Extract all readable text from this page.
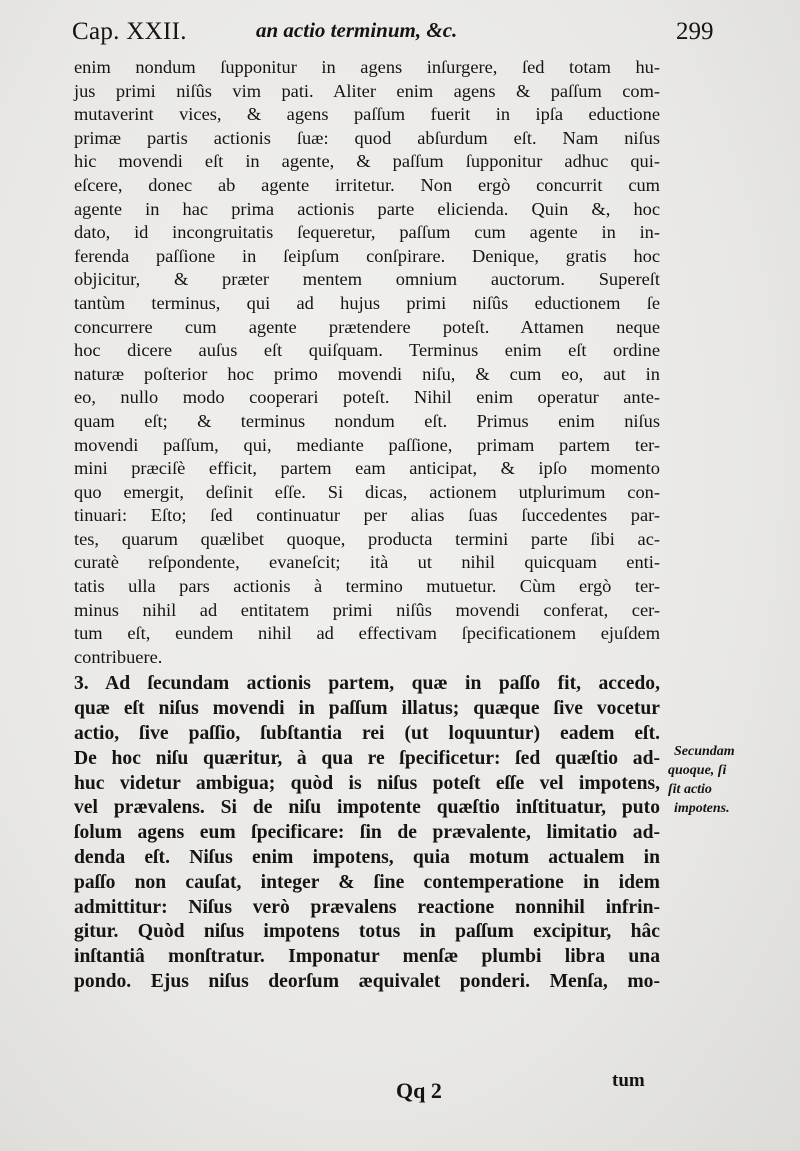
Cap. XXII.	an actio terminum, &c.	299
enim nondum ſupponitur in agens inſurgere, ſed totam hu-
jus primi niſûs vim pati. Aliter enim agens & paſſum com-
mutaverint vices, & agens paſſum fuerit in ipſa eductione
primæ partis actionis ſuæ: quod abſurdum eſt. Nam niſus
hic movendi eſt in agente, & paſſum ſupponitur adhuc qui-
eſcere, donec ab agente irritetur. Non ergò concurrit cum
agente in hac prima actionis parte elicienda. Quin &, hoc
dato, id incongruitatis ſequeretur, paſſum cum agente in in-
ferenda paſſione in ſeipſum conſpirare. Denique, gratis hoc
objicitur, & præter mentem omnium auctorum. Supereſt
tantùm terminus, qui ad hujus primi niſûs eductionem ſe
concurrere cum agente prætendere poteſt. Attamen neque
hoc dicere auſus eſt quiſquam. Terminus enim eſt ordine
naturæ poſterior hoc primo movendi niſu, & cum eo, aut in
eo, nullo modo cooperari poteſt. Nihil enim operatur ante-
quam eſt; & terminus nondum eſt. Primus enim niſus
movendi paſſum, qui, mediante paſſione, primam partem ter-
mini præciſè efficit, partem eam anticipat, & ipſo momento
quo emergit, deſinit eſſe. Si dicas, actionem utplurimum con-
tinuari: Eſto; ſed continuatur per alias ſuas ſuccedentes par-
tes, quarum quælibet quoque, producta termini parte ſibi ac-
curatè reſpondente, evaneſcit; ità ut nihil quicquam enti-
tatis ulla pars actionis à termino mutuetur. Cùm ergò ter-
minus nihil ad entitatem primi niſûs movendi conferat, cer-
tum eſt, eundem nihil ad effectivam ſpecificationem ejuſdem
contribuere.
3. Ad ſecundam actionis partem, quæ in paſſo fit, accedo,
quæ eſt niſus movendi in paſſum illatus; quæque ſive vocetur
actio, ſive paſſio, ſubſtantia rei (ut loquuntur) eadem eſt.
De hoc niſu quæritur, à qua re ſpecificetur: ſed quæſtio ad-
huc videtur ambigua; quòd is niſus poteſt eſſe vel impotens,
vel prævalens. Si de niſu impotente quæſtio inſtituatur, puto
ſolum agens eum ſpecificare: ſin de prævalente, limitatio ad-
denda eſt. Niſus enim impotens, quia motum actualem in
paſſo non cauſat, integer & ſine contemperatione in idem
admittitur: Niſus verò prævalens reactione nonnihil infrin-
gitur. Quòd niſus impotens totus in paſſum excipitur, hâc
inſtantiâ monſtratur. Imponatur menſæ plumbi libra una
pondo. Ejus niſus deorſum æquivalet ponderi. Menſa, mo-
Secundam
quoque, ſi
ſit actio
impotens.
Qq 2	tum
